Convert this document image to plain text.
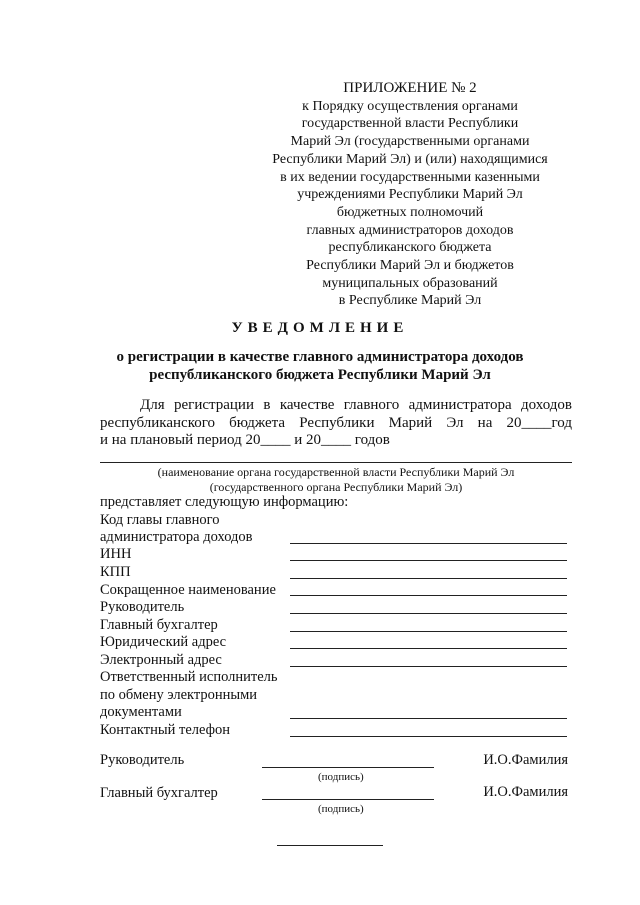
ПРИЛОЖЕНИЕ № 2
к Порядку осуществления органами
государственной власти Республики
Марий Эл (государственными органами
Республики Марий Эл) и (или) находящимися
в их ведении государственными казенными
учреждениями Республики Марий Эл
бюджетных полномочий
главных администраторов доходов
республиканского бюджета
Республики Марий Эл и бюджетов
муниципальных образований
в Республике Марий Эл
УВЕДОМЛЕНИЕ
о регистрации в качестве главного администратора доходов
республиканского бюджета Республики Марий Эл
Для регистрации в качестве главного администратора доходов
республиканского бюджета Республики Марий Эл на 20____год
и на плановый период 20____ и 20____ годов
(наименование органа государственной власти Республики Марий Эл
(государственного органа Республики Марий Эл)
представляет следующую информацию:
Код главы главного
администратора доходов
ИНН
КПП
Сокращенное наименование
Руководитель
Главный бухгалтер
Юридический адрес
Электронный адрес
Ответственный исполнитель
по обмену электронными
документами
Контактный телефон
Руководитель	И.О.Фамилия
(подпись)
Главный бухгалтер	И.О.Фамилия
(подпись)
